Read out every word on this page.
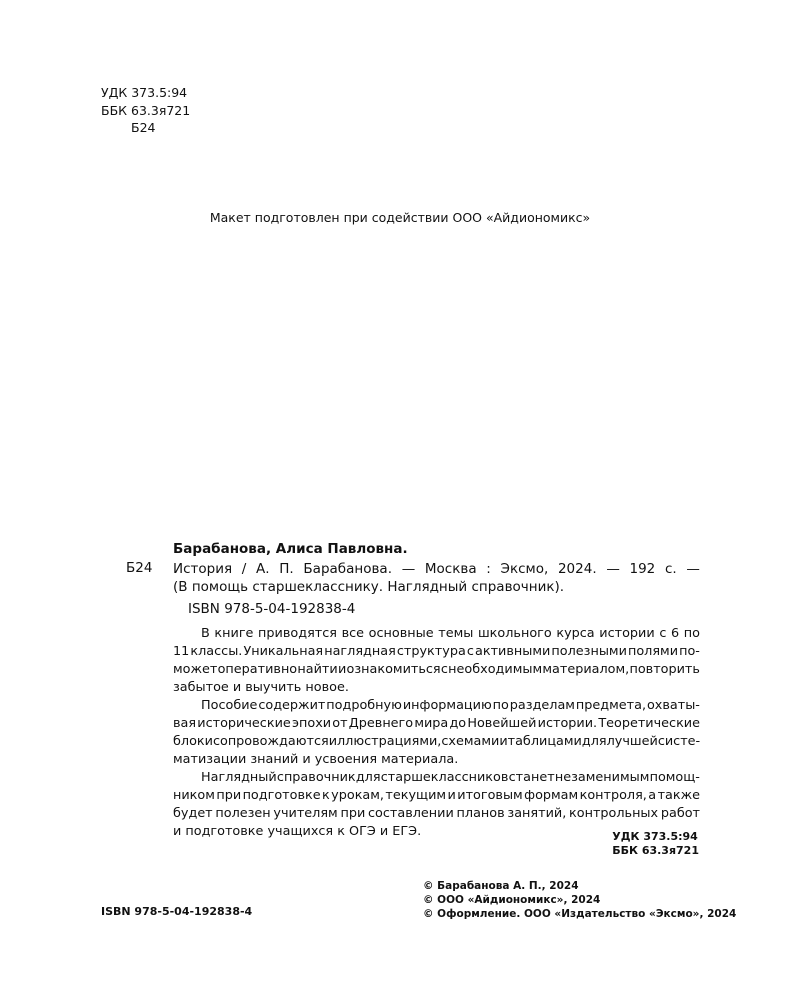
УДК 373.5:94
ББК 63.3я721
Б24
Макет подготовлен при содействии ООО «Айдиономикс»
Барабанова, Алиса Павловна.
Б24 История / А. П. Барабанова. — Москва : Эксмо, 2024. — 192 с. —
(В помощь старшекласснику. Наглядный справочник).
ISBN 978-5-04-192838-4
В книге приводятся все основные темы школьного курса истории с 6 по
11 классы. Уникальная наглядная структура с активными полезными полями по-
может оперативно найти и ознакомиться с необходимым материалом, повторить
забытое и выучить новое.
Пособие содержит подробную информацию по разделам предмета, охваты-
вая исторические эпохи от Древнего мира до Новейшей истории. Теоретические
блоки сопровождаются иллюстрациями, схемами и таблицами для лучшей систе-
матизации знаний и усвоения материала.
Наглядный справочник для старшеклассников станет незаменимым помощ-
ником при подготовке к урокам, текущим и итоговым формам контроля, а также
будет полезен учителям при составлении планов занятий, контрольных работ
и подготовке учащихся к ОГЭ и ЕГЭ.	УДК 373.5:94
ББК 63.3я721
© Барабанова А. П., 2024
© ООО «Айдиономикс», 2024
© Оформление. ООО «Издательство «Эксмо», 2024
ISBN 978-5-04-192838-4
